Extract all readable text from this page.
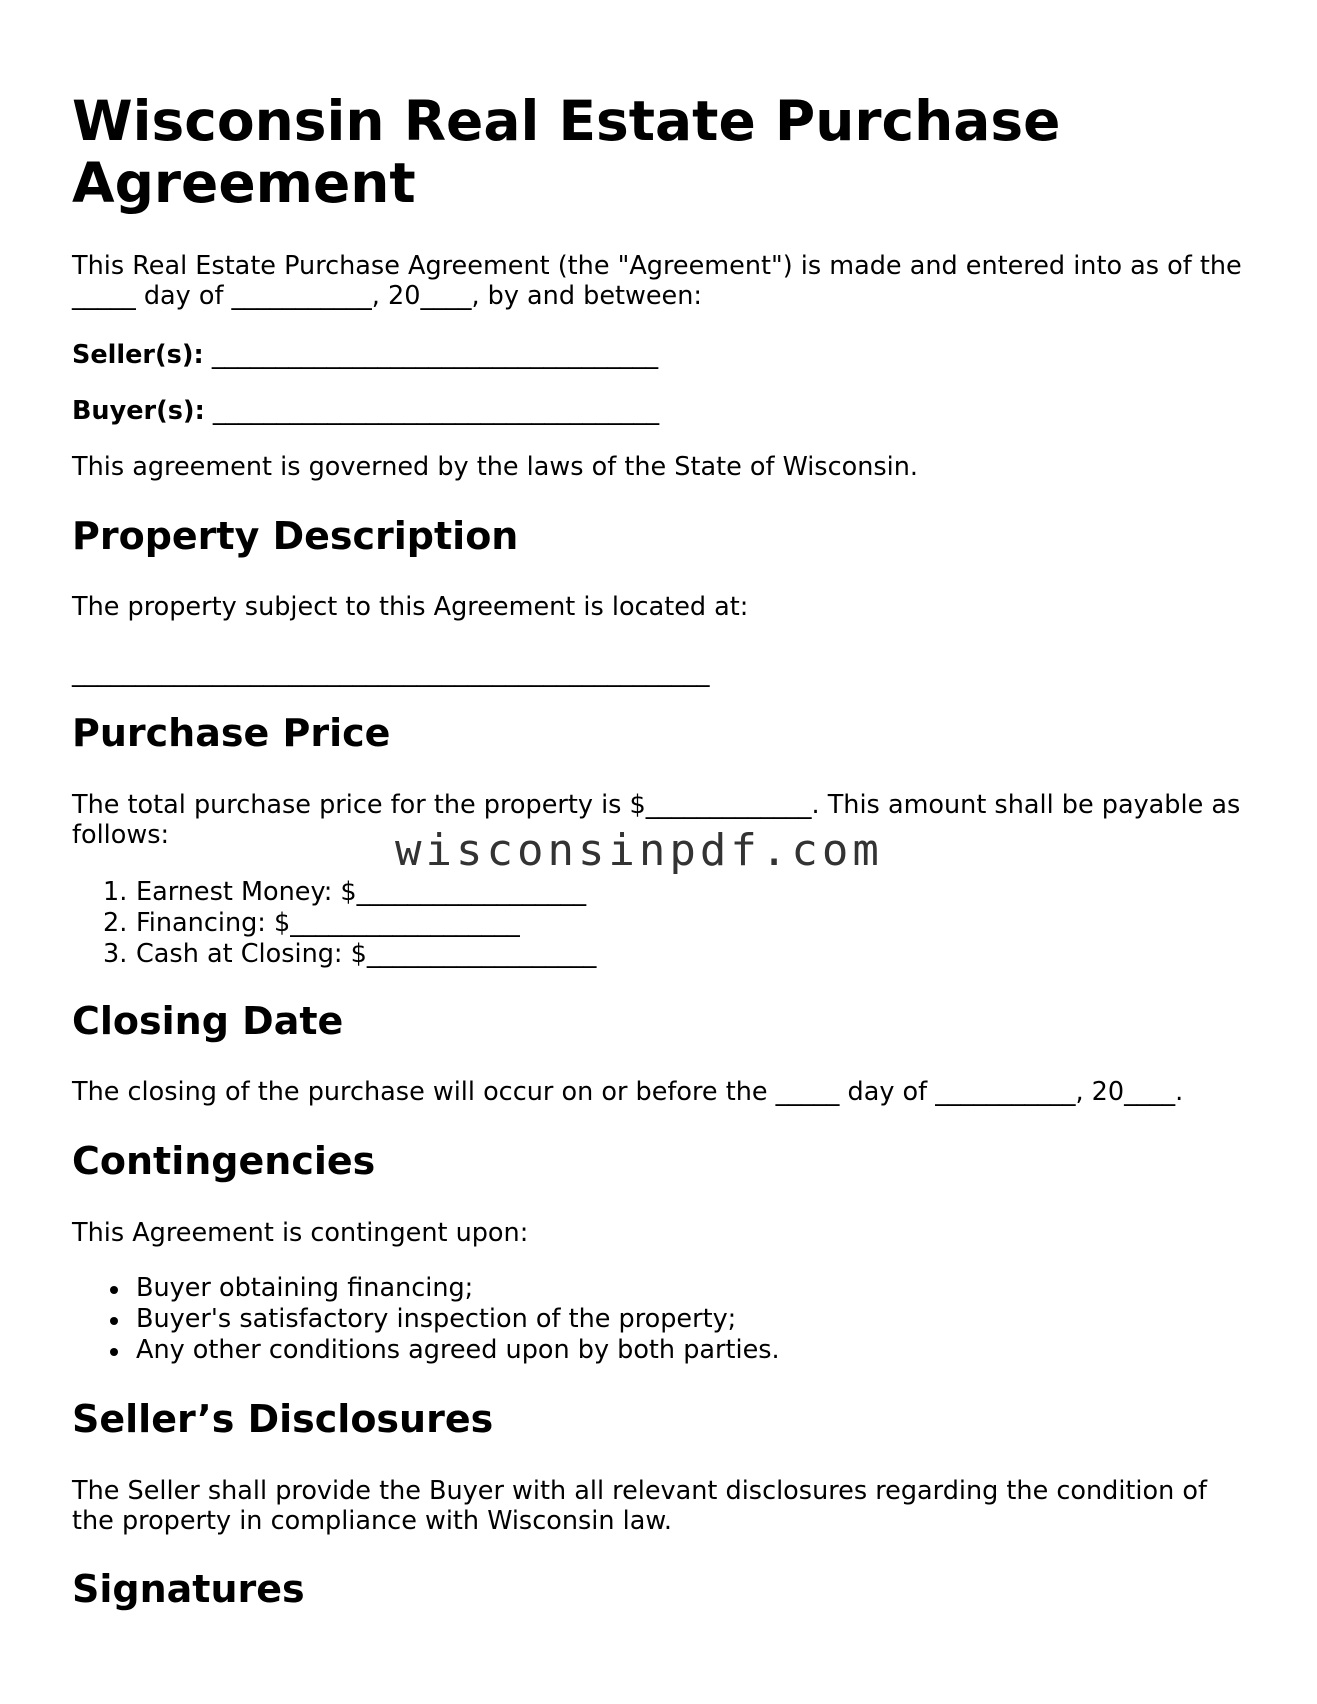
Wisconsin Real Estate Purchase Agreement

This Real Estate Purchase Agreement (the "Agreement") is made and entered into as of the _____ day of ___________, 20____, by and between:

Seller(s): ___________________________________
Buyer(s): ___________________________________

This agreement is governed by the laws of the State of Wisconsin.

Property Description

The property subject to this Agreement is located at:

__________________________________________________

Purchase Price

The total purchase price for the property is $_____________. This amount shall be payable as follows:

1. Earnest Money: $__________________
2. Financing: $__________________
3. Cash at Closing: $__________________
Closing Date

The closing of the purchase will occur on or before the _____ day of ___________, 20____.

Contingencies

This Agreement is contingent upon:

Buyer obtaining financing;
Buyer's satisfactory inspection of the property;
Any other conditions agreed upon by both parties.
Seller’s Disclosures

The Seller shall provide the Buyer with all relevant disclosures regarding the condition of the property in compliance with Wisconsin law.

Signatures
wisconsinpdf.com
